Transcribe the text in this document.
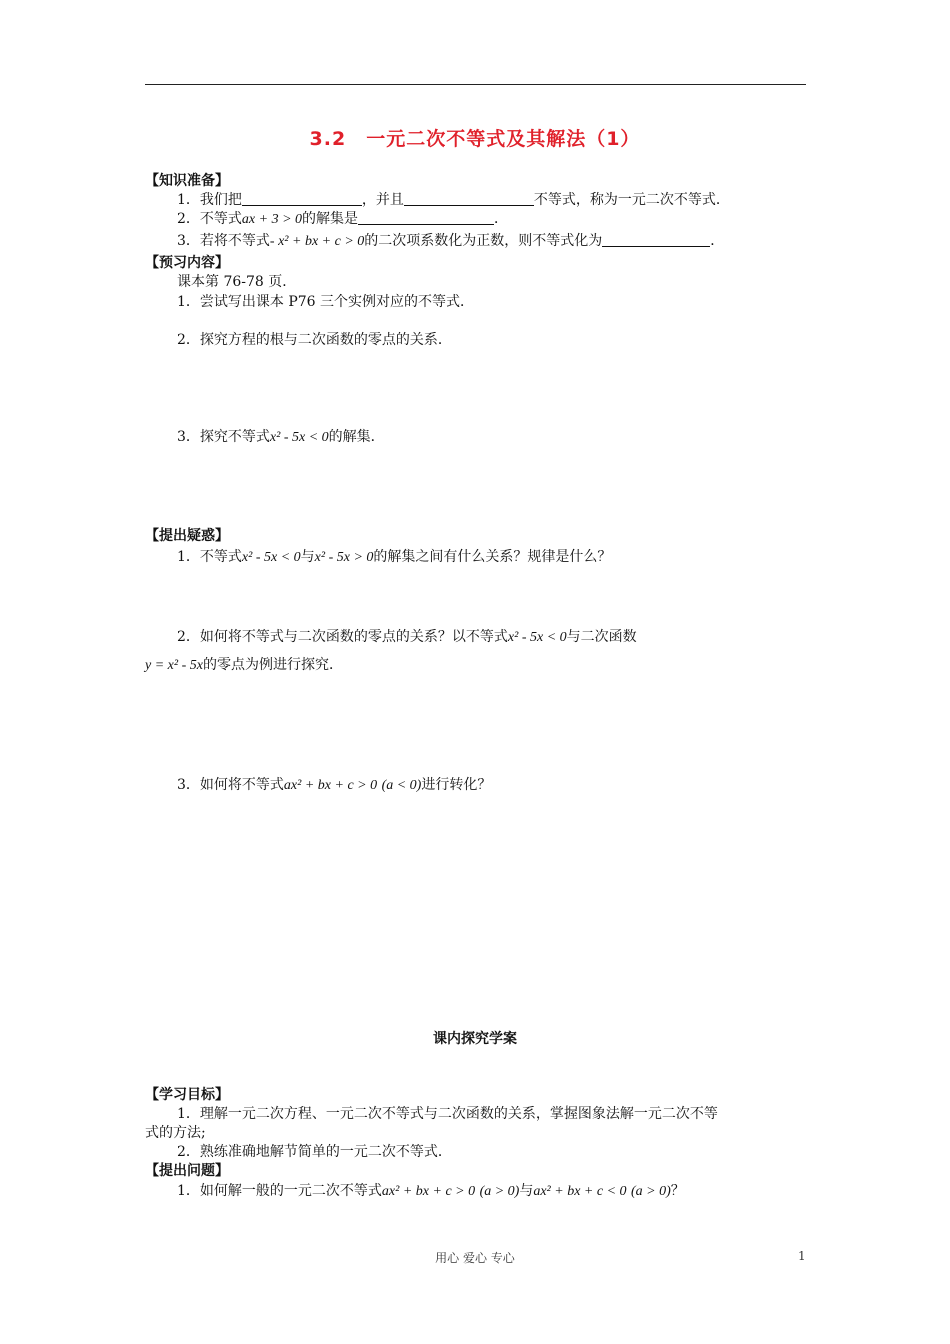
3.2　一元二次不等式及其解法（1）
【知识准备】
1．我们把	，并且	不等式，称为一元二次不等式．
2．不等式ax + 3 > 0的解集是	．
3．若将不等式- x² + bx + c > 0的二次项系数化为正数，则不等式化为	．
【预习内容】
课本第 76-78 页．
1．尝试写出课本 P76 三个实例对应的不等式．
2．探究方程的根与二次函数的零点的关系．
3．探究不等式x² - 5x < 0的解集．
【提出疑惑】
1．不等式x² - 5x < 0与x² - 5x > 0的解集之间有什么关系？规律是什么？
2．如何将不等式与二次函数的零点的关系？以不等式x² - 5x < 0与二次函数
y = x² - 5x的零点为例进行探究．
3．如何将不等式ax² + bx + c > 0 (a < 0)进行转化？
课内探究学案
【学习目标】
1．理解一元二次方程、一元二次不等式与二次函数的关系，掌握图象法解一元二次不等
式的方法;
2．熟练准确地解节简单的一元二次不等式．
【提出问题】
1．如何解一般的一元二次不等式ax² + bx + c > 0 (a > 0)与ax² + bx + c < 0 (a > 0)？
用心 爱心 专心	1
